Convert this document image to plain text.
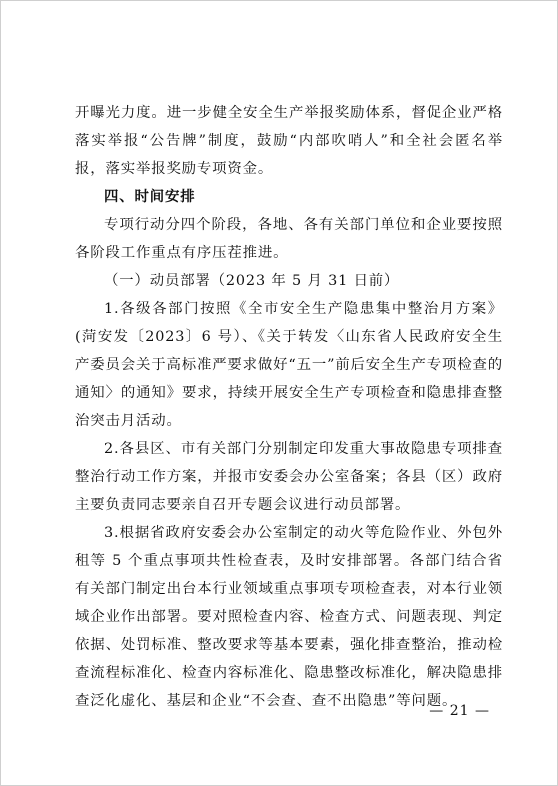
开曝光力度。进一步健全安全生产举报奖励体系，督促企业严格落实举报“公告牌”制度，鼓励“内部吹哨人”和全社会匿名举报，落实举报奖励专项资金。

四、时间安排

专项行动分四个阶段，各地、各有关部门单位和企业要按照各阶段工作重点有序压茬推进。

（一）动员部署（2023 年 5 月 31 日前）

1.各级各部门按照《全市安全生产隐患集中整治月方案》(菏安发〔2023〕6 号）、《关于转发〈山东省人民政府安全生产委员会关于高标准严要求做好“五一”前后安全生产专项检查的通知〉的通知》要求，持续开展安全生产专项检查和隐患排查整治突击月活动。

2.各县区、市有关部门分别制定印发重大事故隐患专项排查整治行动工作方案，并报市安委会办公室备案；各县（区）政府主要负责同志要亲自召开专题会议进行动员部署。

3.根据省政府安委会办公室制定的动火等危险作业、外包外租等 5 个重点事项共性检查表，及时安排部署。各部门结合省有关部门制定出台本行业领域重点事项专项检查表，对本行业领域企业作出部署。要对照检查内容、检查方式、问题表现、判定依据、处罚标准、整改要求等基本要素，强化排查整治，推动检查流程标准化、检查内容标准化、隐患整改标准化，解决隐患排查泛化虚化、基层和企业“不会查、查不出隐患”等问题。

— 21 —
